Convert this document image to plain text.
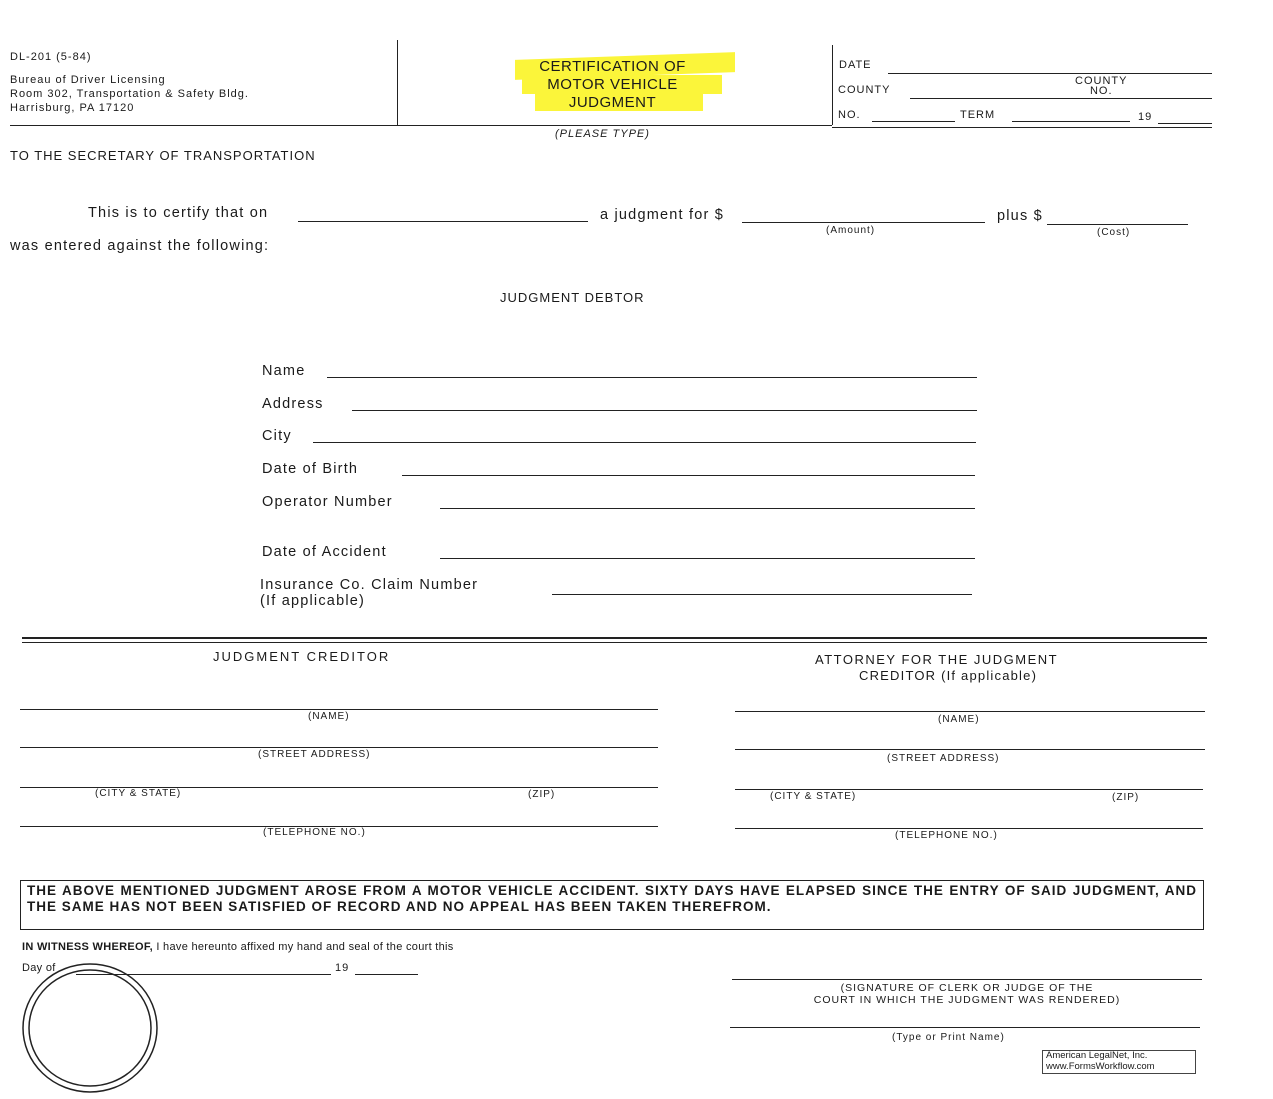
DL-201 (5-84)
Bureau of Driver Licensing
Room 302, Transportation & Safety Bldg.
Harrisburg, PA 17120
CERTIFICATION OF
MOTOR VEHICLE
JUDGMENT
(PLEASE TYPE)
DATE
COUNTY
COUNTY
NO.
NO.	TERM	19
TO THE SECRETARY OF TRANSPORTATION
This is to certify that on	a judgment for $
(Amount)
plus $
(Cost)
was entered against the following:
JUDGMENT DEBTOR
Name
Address
City
Date of Birth
Operator Number
Date of Accident
Insurance Co. Claim Number
(If applicable)
JUDGMENT CREDITOR
(NAME)
(STREET ADDRESS)
(CITY & STATE)	(ZIP)
(TELEPHONE NO.)
ATTORNEY FOR THE JUDGMENT
CREDITOR (If applicable)
(NAME)
(STREET ADDRESS)
(CITY & STATE)	(ZIP)
(TELEPHONE NO.)
THE ABOVE MENTIONED JUDGMENT AROSE FROM A MOTOR VEHICLE ACCIDENT. SIXTY DAYS HAVE ELAPSED SINCE THE ENTRY OF SAID JUDGMENT, AND THE SAME HAS NOT BEEN SATISFIED OF RECORD AND NO APPEAL HAS BEEN TAKEN THEREFROM.
IN WITNESS WHEREOF, I have hereunto affixed my hand and seal of the court this
Day of	19
(SIGNATURE OF CLERK OR JUDGE OF THE
COURT IN WHICH THE JUDGMENT WAS RENDERED)
(Type or Print Name)
American LegalNet, Inc.
www.FormsWorkflow.com
